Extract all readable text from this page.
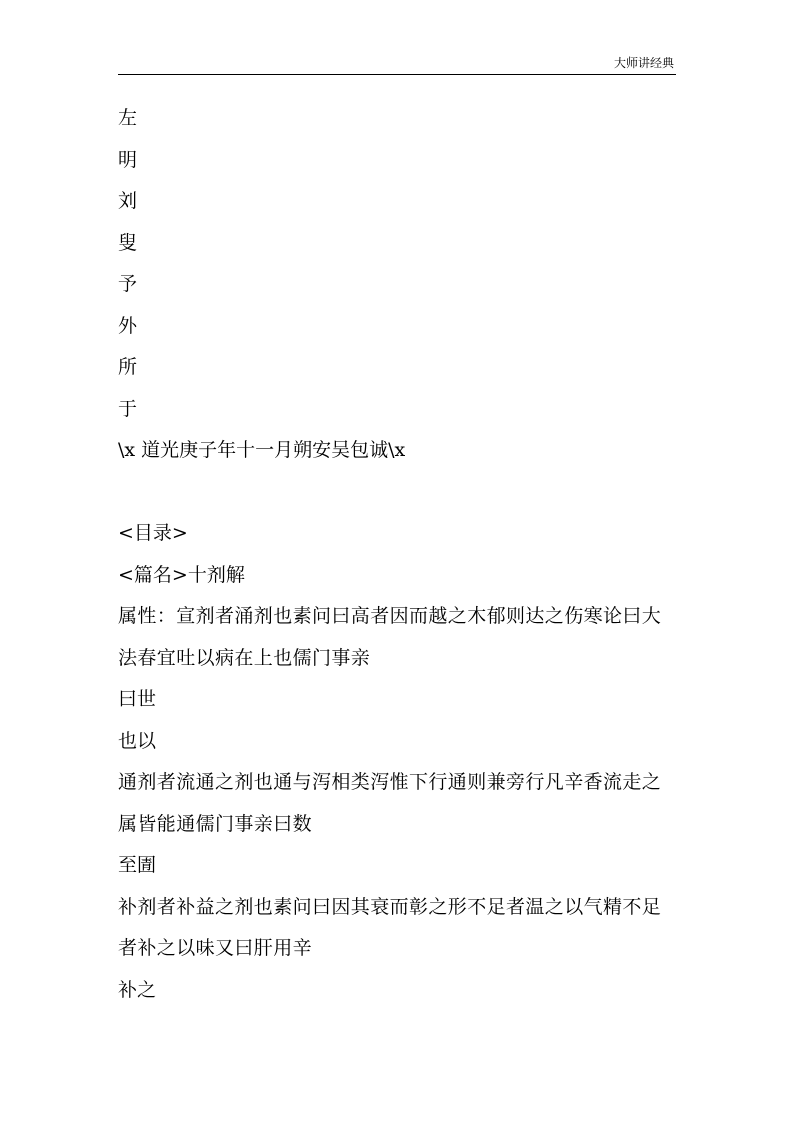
大师讲经典
左
明
刘
叟
予
外
所
于
\x 道光庚子年十一月朔安吴包诚\x
<目录>
<篇名>十剂解
属性：宣剂者涌剂也素问曰高者因而越之木郁则达之伤寒论曰大法春宜吐以病在上也儒门事亲
曰世
也以
通剂者流通之剂也通与泻相类泻惟下行通则兼旁行凡辛香流走之属皆能通儒门事亲曰数
至圊
补剂者补益之剂也素问曰因其衰而彰之形不足者温之以气精不足者补之以味又曰肝用辛
补之
